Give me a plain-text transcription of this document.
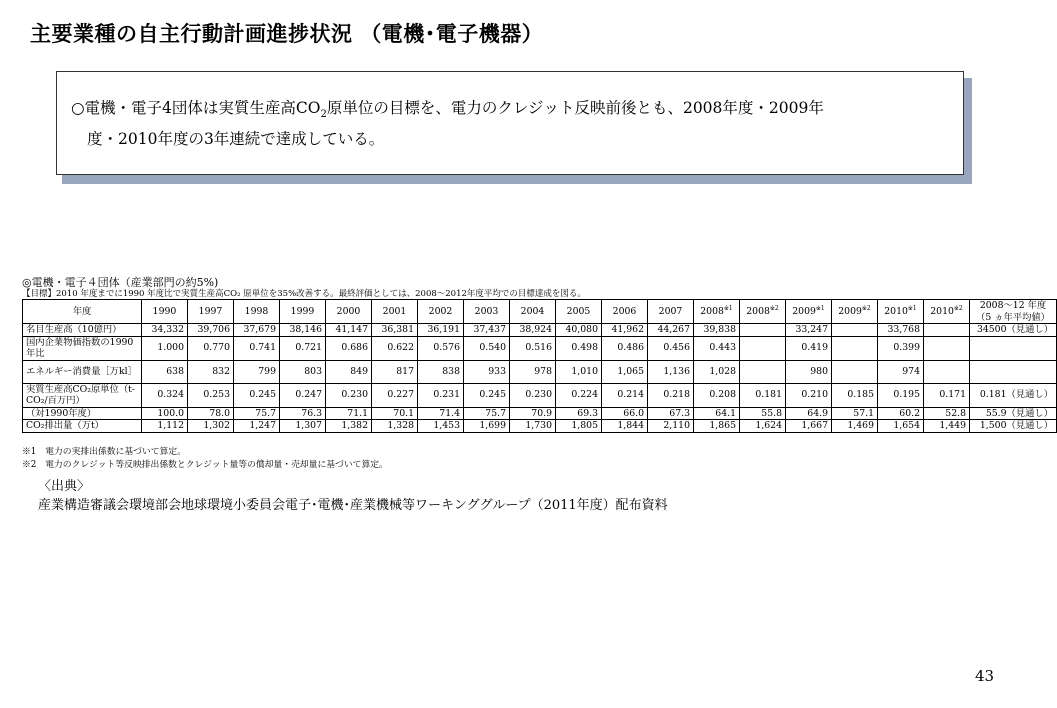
主要業種の自主行動計画進捗状況 （電機･電子機器）
○電機・電子4団体は実質生産高$CO_2$原単位の目標を、電力のクレジット反映前後とも、2008年度・2009年
度・2010年度の3年連続で達成している。
◎電機・電子４団体（産業部門の約5%)
【目標】2010 年度までに1990 年度比で実質生産高CO₂ 原単位を35%改善する。最終評価としては、2008～2012年度平均での目標達成を図る。
年度	1990	1997	1998	1999	2000	2001	2002	2003	2004	2005	2006	2007	2008$^{※1}$	2008$^{※2}$	2009$^{※1}$	2009$^{※2}$	2010$^{※1}$	2010$^{※2}$	2008～12 年度
（5 ヵ年平均値）

名目生産高（10億円）	34,332	39,706	37,679	38,146	41,147	36,381	36,191	37,437	38,924	40,080	41,962	44,267	39,838		33,247		33,768		34500（見通し）
国内企業物価指数の1990年比	1.000	0.770	0.741	0.721	0.686	0.622	0.576	0.540	0.516	0.498	0.486	0.456	0.443		0.419		0.399		
エネルギー消費量［万kl］	638	832	799	803	849	817	838	933	978	1,010	1,065	1,136	1,028		980		974		
実質生産高CO₂原単位（t-CO₂/百万円）	0.324	0.253	0.245	0.247	0.230	0.227	0.231	0.245	0.230	0.224	0.214	0.218	0.208	0.181	0.210	0.185	0.195	0.171	0.181（見通し）
（対1990年度）	100.0	78.0	75.7	76.3	71.1	70.1	71.4	75.7	70.9	69.3	66.0	67.3	64.1	55.8	64.9	57.1	60.2	52.8	55.9（見通し）
CO₂排出量（万t）	1,112	1,302	1,247	1,307	1,382	1,328	1,453	1,699	1,730	1,805	1,844	2,110	1,865	1,624	1,667	1,469	1,654	1,449	1,500（見通し）
※1　電力の実排出係数に基づいて算定。
※2　電力のクレジット等反映排出係数とクレジット量等の償却量・売却量に基づいて算定。
〈出典〉
産業構造審議会環境部会地球環境小委員会電子･電機･産業機械等ワーキンググループ（2011年度）配布資料
43
